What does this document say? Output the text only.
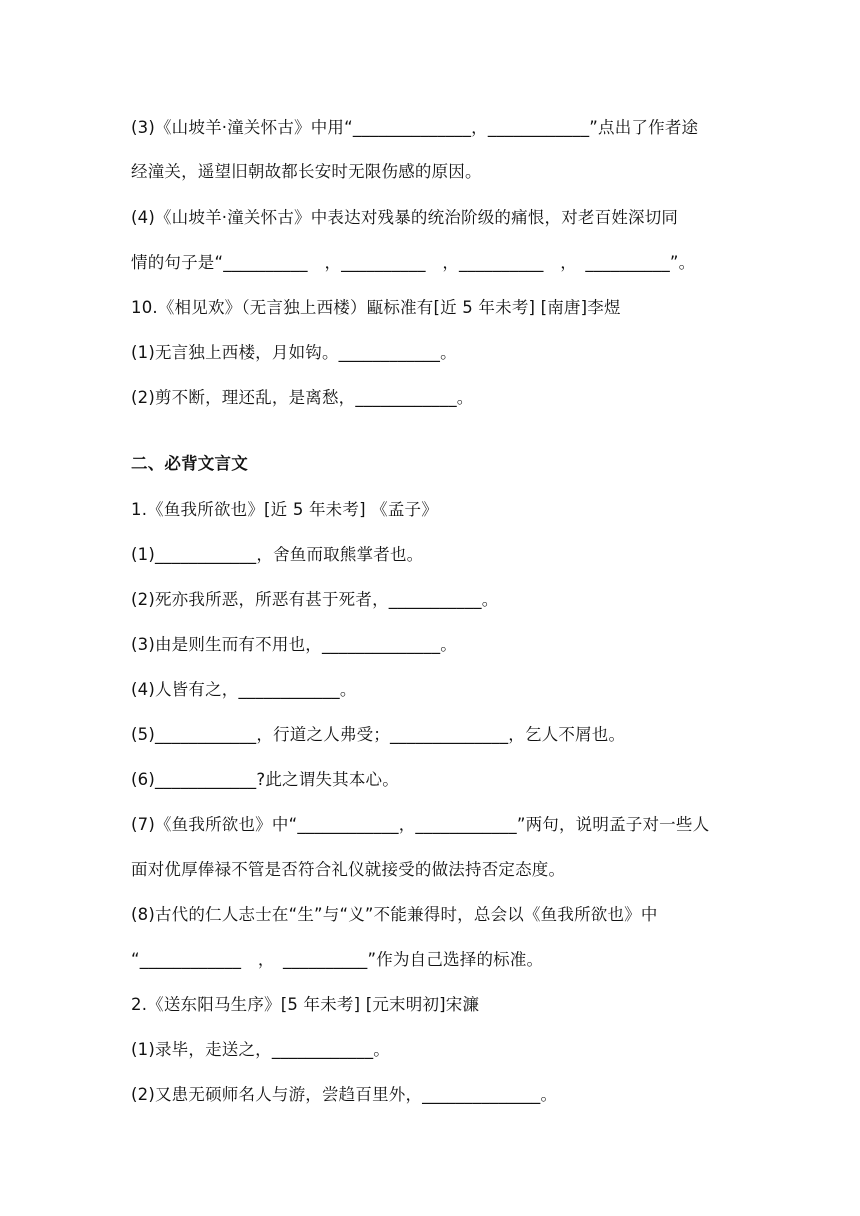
(3)《山坡羊·潼关怀古》中用“______________，____________”点出了作者途
经潼关，遥望旧朝故都长安时无限伤感的原因。
(4)《山坡羊·潼关怀古》中表达对残暴的统治阶级的痛恨，对老百姓深切同
情的句子是“__________　，__________　，__________　，　__________”。
10.《相见欢》（无言独上西楼）甌标准有[近 5 年未考] [南唐]李煜
(1)无言独上西楼，月如钩。____________。
(2)剪不断，理还乱，是离愁，____________。
二、必背文言文
1.《鱼我所欲也》[近 5 年未考] 《孟子》
(1)____________，舍鱼而取熊掌者也。
(2)死亦我所恶，所恶有甚于死者，___________。
(3)由是则生而有不用也，______________。
(4)人皆有之，____________。
(5)____________，行道之人弗受；______________，乞人不屑也。
(6)____________?此之谓失其本心。
(7)《鱼我所欲也》中“____________，____________”两句，说明孟子对一些人
面对优厚俸禄不管是否符合礼仪就接受的做法持否定态度。
(8)古代的仁人志士在“生”与“义”不能兼得时，总会以《鱼我所欲也》中
“____________　，　__________”作为自己选择的标准。
2.《送东阳马生序》[5 年未考] [元末明初]宋濂
(1)录毕，走送之，____________。
(2)又患无硕师名人与游，尝趋百里外，______________。
